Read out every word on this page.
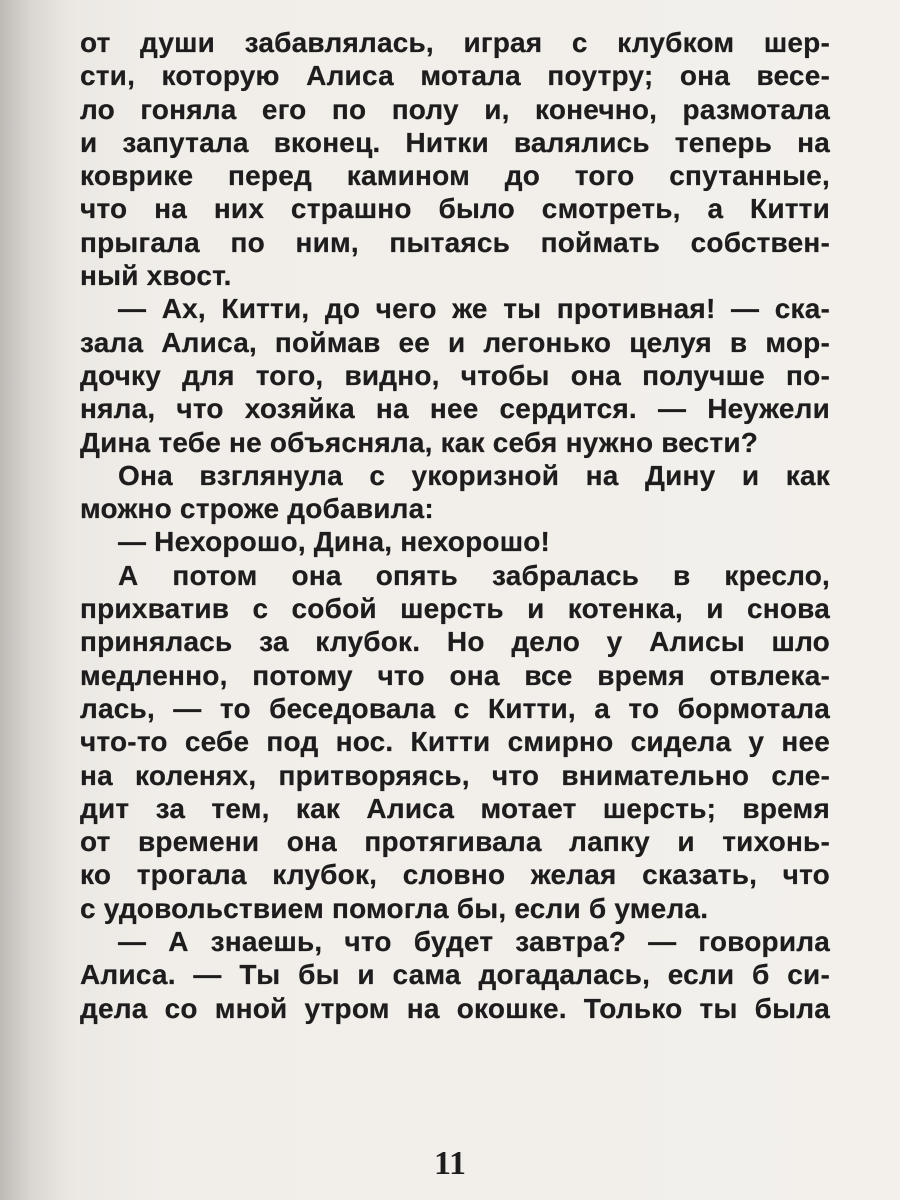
от души забавлялась, играя с клубком шер-
сти, которую Алиса мотала поутру; она весе-
ло гоняла его по полу и, конечно, размотала
и запутала вконец. Нитки валялись теперь на
коврике перед камином до того спутанные,
что на них страшно было смотреть, а Китти
прыгала по ним, пытаясь поймать собствен-
ный хвост.
— Ах, Китти, до чего же ты противная! — ска-
зала Алиса, поймав ее и легонько целуя в мор-
дочку для того, видно, чтобы она получше по-
няла, что хозяйка на нее сердится. — Неужели
Дина тебе не объясняла, как себя нужно вести?
Она взглянула с укоризной на Дину и как
можно строже добавила:
— Нехорошо, Дина, нехорошо!
А потом она опять забралась в кресло,
прихватив с собой шерсть и котенка, и снова
принялась за клубок. Но дело у Алисы шло
медленно, потому что она все время отвлека-
лась, — то беседовала с Китти, а то бормотала
что-то себе под нос. Китти смирно сидела у нее
на коленях, притворяясь, что внимательно сле-
дит за тем, как Алиса мотает шерсть; время
от времени она протягивала лапку и тихонь-
ко трогала клубок, словно желая сказать, что
с удовольствием помогла бы, если б умела.
— А знаешь, что будет завтра? — говорила
Алиса. — Ты бы и сама догадалась, если б си-
дела со мной утром на окошке. Только ты была
11
